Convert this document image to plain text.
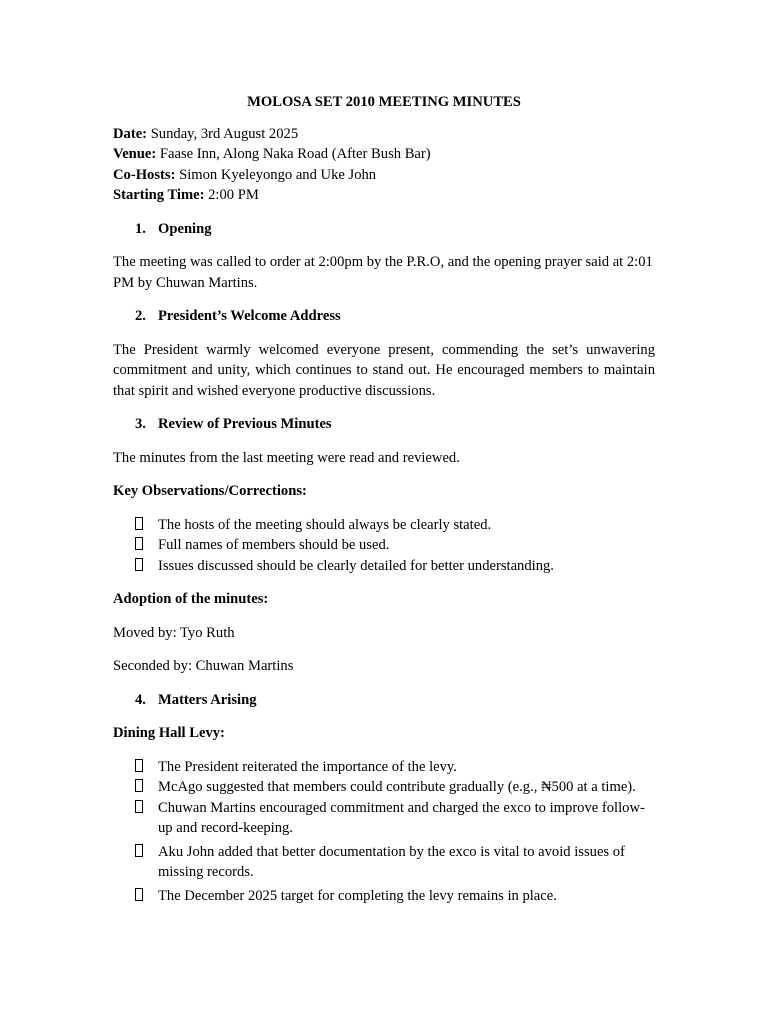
MOLOSA SET 2010 MEETING MINUTES
Date: Sunday, 3rd August 2025
Venue: Faase Inn, Along Naka Road (After Bush Bar)
Co-Hosts: Simon Kyeleyongo and Uke John
Starting Time: 2:00 PM
1. Opening

The meeting was called to order at 2:00pm by the P.R.O, and the opening prayer said at 2:01 PM by Chuwan Martins.

2. President’s Welcome Address

The President warmly welcomed everyone present, commending the set’s unwavering commitment and unity, which continues to stand out. He encouraged members to maintain that spirit and wished everyone productive discussions.

3. Review of Previous Minutes

The minutes from the last meeting were read and reviewed.

Key Observations/Corrections:
The hosts of the meeting should always be clearly stated.
Full names of members should be used.
Issues discussed should be clearly detailed for better understanding.
Adoption of the minutes:

Moved by: Tyo Ruth

Seconded by: Chuwan Martins

4. Matters Arising
Dining Hall Levy:
The President reiterated the importance of the levy.
McAgo suggested that members could contribute gradually (e.g., ₦500 at a time).
Chuwan Martins encouraged commitment and charged the exco to improve follow-up and record-keeping.
Aku John added that better documentation by the exco is vital to avoid issues of missing records.
The December 2025 target for completing the levy remains in place.
